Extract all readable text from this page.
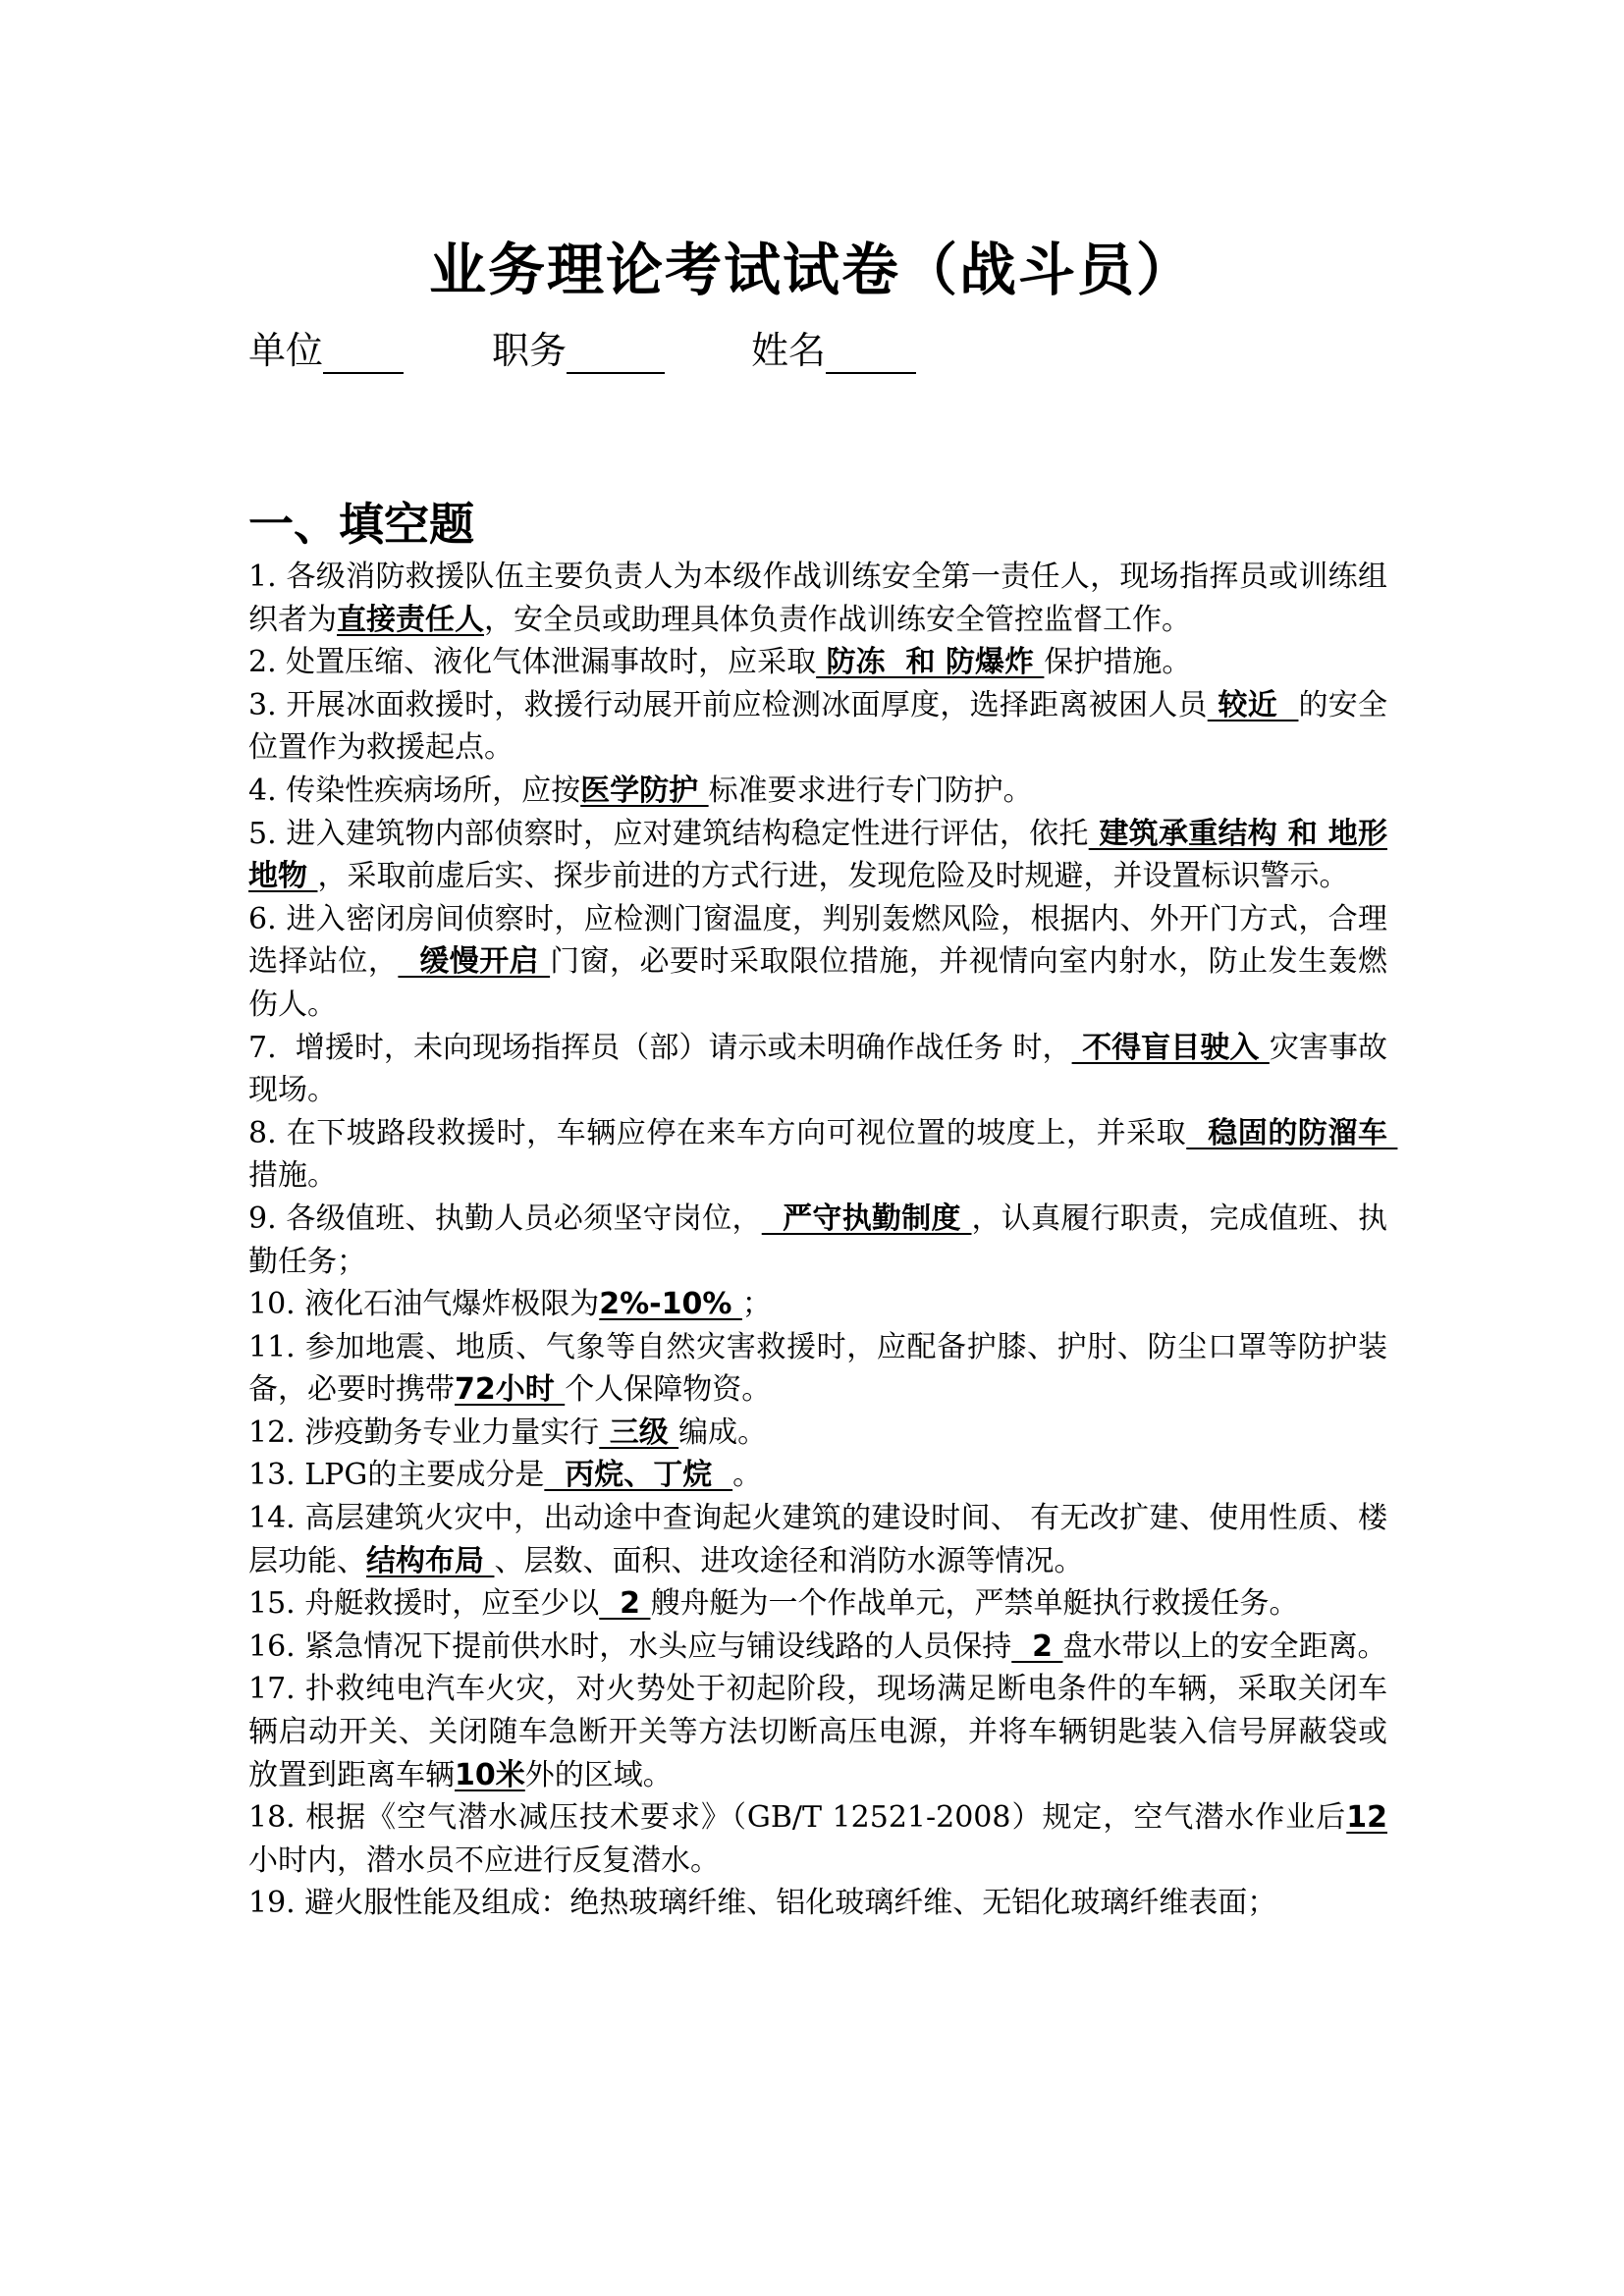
业务理论考试试卷（战斗员）
单位	职务	姓名
一、填空题

1. 各级消防救援队伍主要负责人为本级作战训练安全第一责任人，现场指挥员或训练组织者为直接责任人，安全员或助理具体负责作战训练安全管控监督工作。

2. 处置压缩、液化气体泄漏事故时，应采取 防冻  和 防爆炸 保护措施。

3. 开展冰面救援时，救援行动展开前应检测冰面厚度，选择距离被困人员 较近  的安全位置作为救援起点。

4. 传染性疾病场所，应按医学防护 标准要求进行专门防护。

5. 进入建筑物内部侦察时，应对建筑结构稳定性进行评估，依托 建筑承重结构 和 地形地物 ，采取前虚后实、探步前进的方式行进，发现危险及时规避，并设置标识警示。

6. 进入密闭房间侦察时，应检测门窗温度，判别轰燃风险，根据内、外开门方式，合理选择站位，  缓慢开启 门窗，必要时采取限位措施，并视情向室内射水，防止发生轰燃伤人。

7.  增援时，未向现场指挥员（部）请示或未明确作战任务 时， 不得盲目驶入 灾害事故现场。

8. 在下坡路段救援时，车辆应停在来车方向可视位置的坡度上，并采取  稳固的防溜车 措施。

9. 各级值班、执勤人员必须坚守岗位，  严守执勤制度 ，认真履行职责，完成值班、执勤任务；

10. 液化石油气爆炸极限为2%-10% ；

11. 参加地震、地质、气象等自然灾害救援时，应配备护膝、护肘、防尘口罩等防护装备，必要时携带72小时 个人保障物资。

12. 涉疫勤务专业力量实行 三级 编成。

13. LPG的主要成分是  丙烷、丁烷  。

14. 高层建筑火灾中，出动途中查询起火建筑的建设时间、 有无改扩建、使用性质、楼层功能、结构布局 、层数、面积、进攻途径和消防水源等情况。

15. 舟艇救援时，应至少以  2 艘舟艇为一个作战单元，严禁单艇执行救援任务。

16. 紧急情况下提前供水时，水头应与铺设线路的人员保持  2 盘水带以上的安全距离。

17. 扑救纯电汽车火灾，对火势处于初起阶段，现场满足断电条件的车辆，采取关闭车辆启动开关、关闭随车急断开关等方法切断高压电源，并将车辆钥匙装入信号屏蔽袋或放置到距离车辆10米外的区域。

18. 根据《空气潜水减压技术要求》（GB/T 12521-2008）规定，空气潜水作业后12小时内，潜水员不应进行反复潜水。

19. 避火服性能及组成：绝热玻璃纤维、铝化玻璃纤维、无铝化玻璃纤维表面；
